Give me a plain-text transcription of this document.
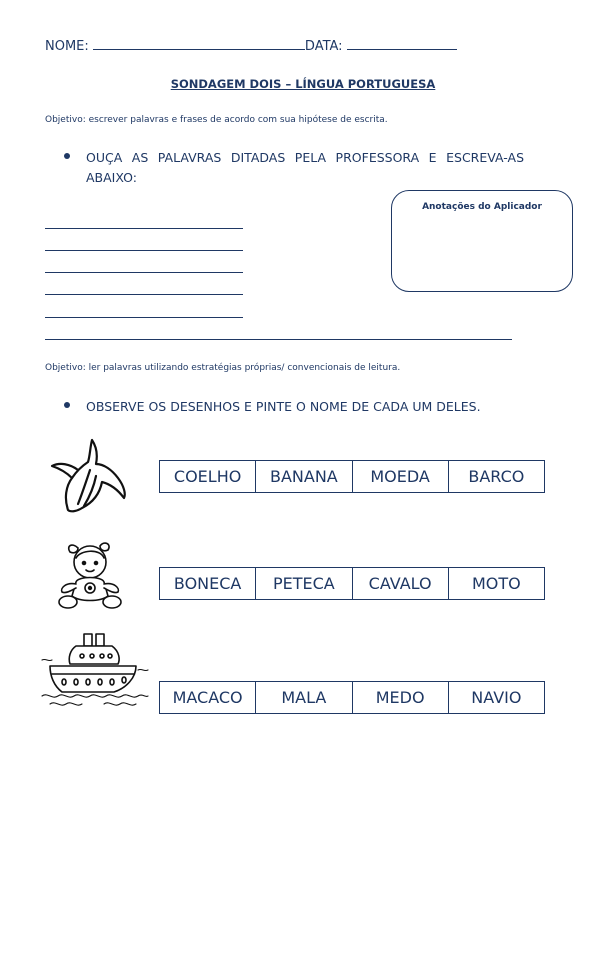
NOME:	DATA:
SONDAGEM DOIS – LÍNGUA PORTUGUESA
Objetivo: escrever palavras e frases de acordo com sua hipótese de escrita.
OUÇA AS PALAVRAS DITADAS PELA PROFESSORA E ESCREVA-AS ABAIXO:
Anotações do Aplicador
Objetivo: ler palavras utilizando estratégias próprias/ convencionais de leitura.
OBSERVE OS DESENHOS E PINTE O NOME DE CADA UM DELES.
COELHO	BANANA	MOEDA	BARCO
BONECA	PETECA	CAVALO	MOTO
MACACO	MALA	MEDO	NAVIO
